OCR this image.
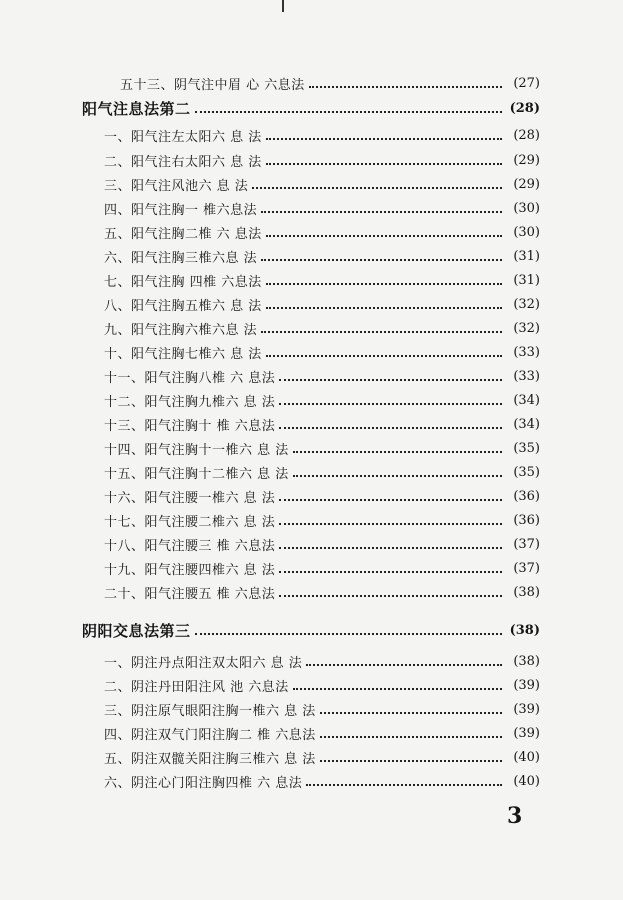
五十三、阴气注中眉 心 六息法	(27)
阳气注息法第二	(28)
一、阳气注左太阳六 息 法	(28)
二、阳气注右太阳六 息 法	(29)
三、阳气注风池六 息 法	(29)
四、阳气注胸一 椎六息法	(30)
五、阳气注胸二椎 六 息法	(30)
六、阳气注胸三椎六息 法	(31)
七、阳气注胸 四椎 六息法	(31)
八、阳气注胸五椎六 息 法	(32)
九、阳气注胸六椎六息 法	(32)
十、阳气注胸七椎六 息 法	(33)
十一、阳气注胸八椎 六 息法	(33)
十二、阳气注胸九椎六 息 法	(34)
十三、阳气注胸十 椎 六息法	(34)
十四、阳气注胸十一椎六 息 法	(35)
十五、阳气注胸十二椎六 息 法	(35)
十六、阳气注腰一椎六 息 法	(36)
十七、阳气注腰二椎六 息 法	(36)
十八、阳气注腰三 椎 六息法	(37)
十九、阳气注腰四椎六 息 法	(37)
二十、阳气注腰五 椎 六息法	(38)
阴阳交息法第三	(38)
一、阴注丹点阳注双太阳六 息 法	(38)
二、阴注丹田阳注风 池 六息法	(39)
三、阴注原气眼阳注胸一椎六 息 法	(39)
四、阴注双气门阳注胸二 椎 六息法	(39)
五、阴注双髋关阳注胸三椎六 息 法	(40)
六、阴注心门阳注胸四椎 六 息法	(40)
3
